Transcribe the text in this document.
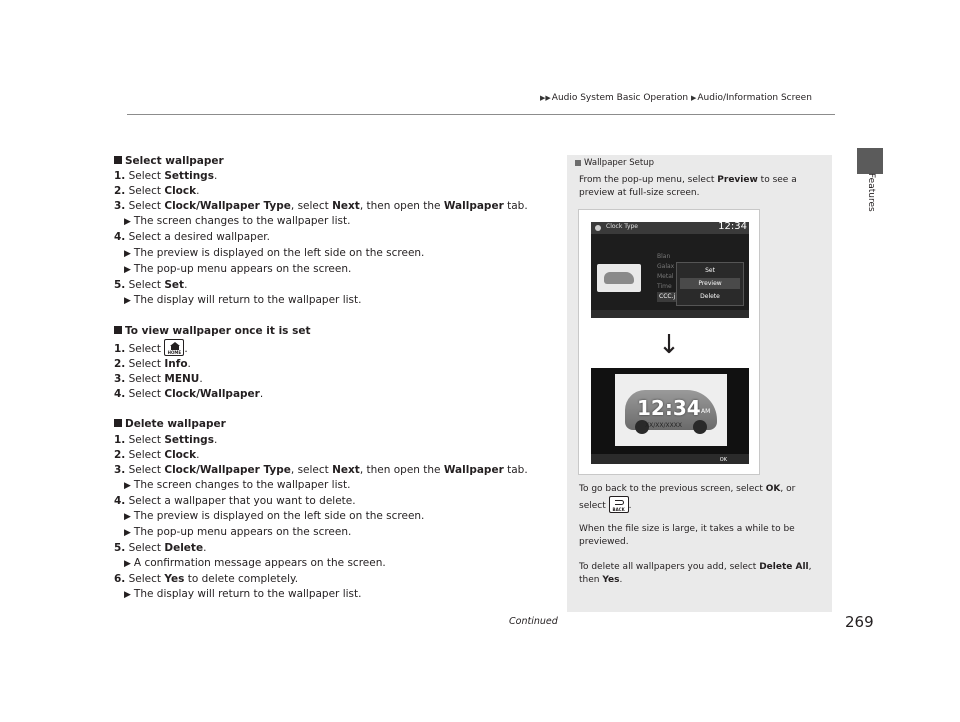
▶▶Audio System Basic Operation ▶Audio/Information Screen
Features
Select wallpaper
1. Select Settings.
2. Select Clock.
3. Select Clock/Wallpaper Type, select Next, then open the Wallpaper tab.
▶ The screen changes to the wallpaper list.
4. Select a desired wallpaper.
▶ The preview is displayed on the left side on the screen.
▶ The pop-up menu appears on the screen.
5. Select Set.
▶ The display will return to the wallpaper list.
To view wallpaper once it is set
1. Select HOME .
2. Select Info.
3. Select MENU.
4. Select Clock/Wallpaper.
Delete wallpaper
1. Select Settings.
2. Select Clock.
3. Select Clock/Wallpaper Type, select Next, then open the Wallpaper tab.
▶ The screen changes to the wallpaper list.
4. Select a wallpaper that you want to delete.
▶ The preview is displayed on the left side on the screen.
▶ The pop-up menu appears on the screen.
5. Select Delete.
▶ A confirmation message appears on the screen.
6. Select Yes to delete completely.
▶ The display will return to the wallpaper list.
Wallpaper Setup
From the pop-up menu, select Preview to see a preview at full-size screen.
To go back to the previous screen, select OK, or select BACK .
When the file size is large, it takes a while to be previewed.
To delete all wallpapers you add, select Delete All, then Yes.
Clock Type	12:34
Blan
Galax
Metal
Time
CCC.j
Set
Preview
Delete
↓
12:34 AM
XX/XX/XXXX
OK
Continued	269
